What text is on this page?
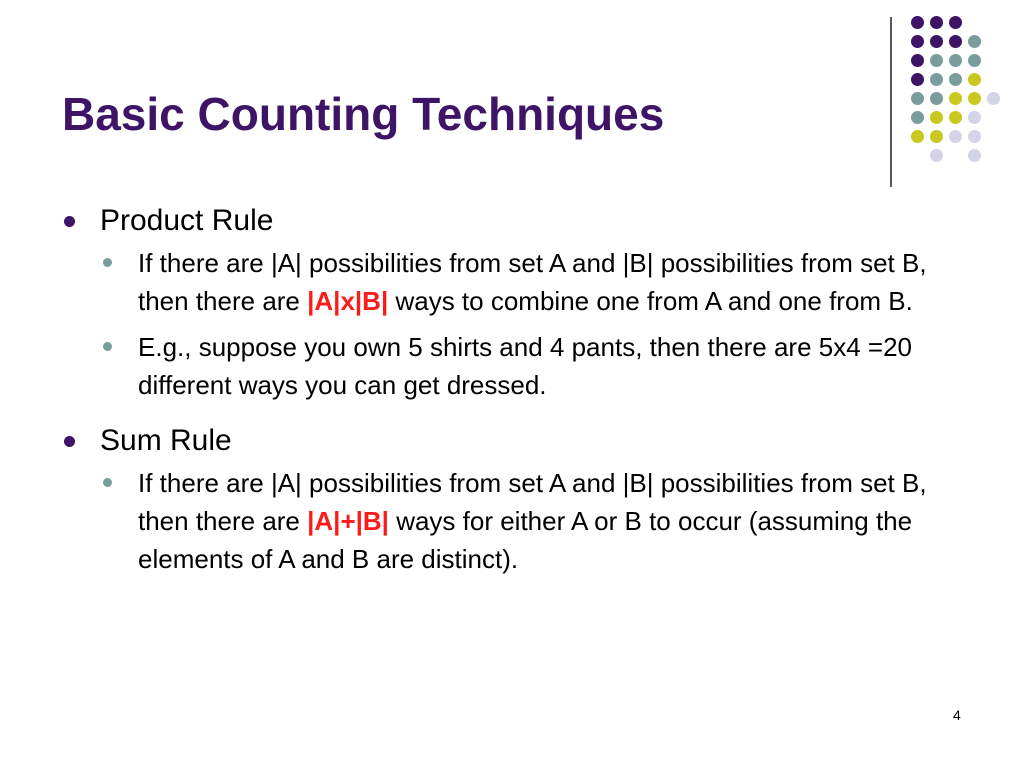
Basic Counting Techniques
Product Rule
If there are |A| possibilities from set A and |B| possibilities from set B, then there are |A|x|B| ways to combine one from A and one from B.
E.g., suppose you own 5 shirts and 4 pants, then there are 5x4 =20 different ways you can get dressed.
Sum Rule
If there are |A| possibilities from set A and |B| possibilities from set B, then there are |A|+|B| ways for either A or B to occur (assuming the elements of A and B are distinct).
4
